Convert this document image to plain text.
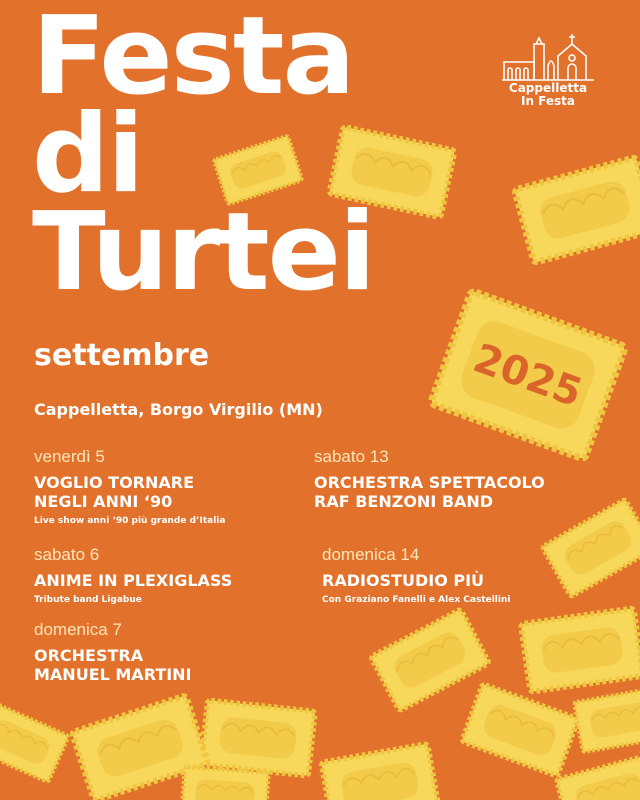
2025
Festa
di
Turtei
Cappelletta
In Festa

settembre

Cappelletta, Borgo Virgilio (MN)

venerdì 5
VOGLIO TORNARE
NEGLI ANNI ‘90
Live show anni ‘90 più grande d’Italia
sabato 13
ORCHESTRA SPETTACOLO
RAF BENZONI BAND
sabato 6
ANIME IN PLEXIGLASS
Tribute band Ligabue
domenica 14
RADIOSTUDIO PIÙ
Con Graziano Fanelli e Alex Castellini
domenica 7
ORCHESTRA
MANUEL MARTINI
